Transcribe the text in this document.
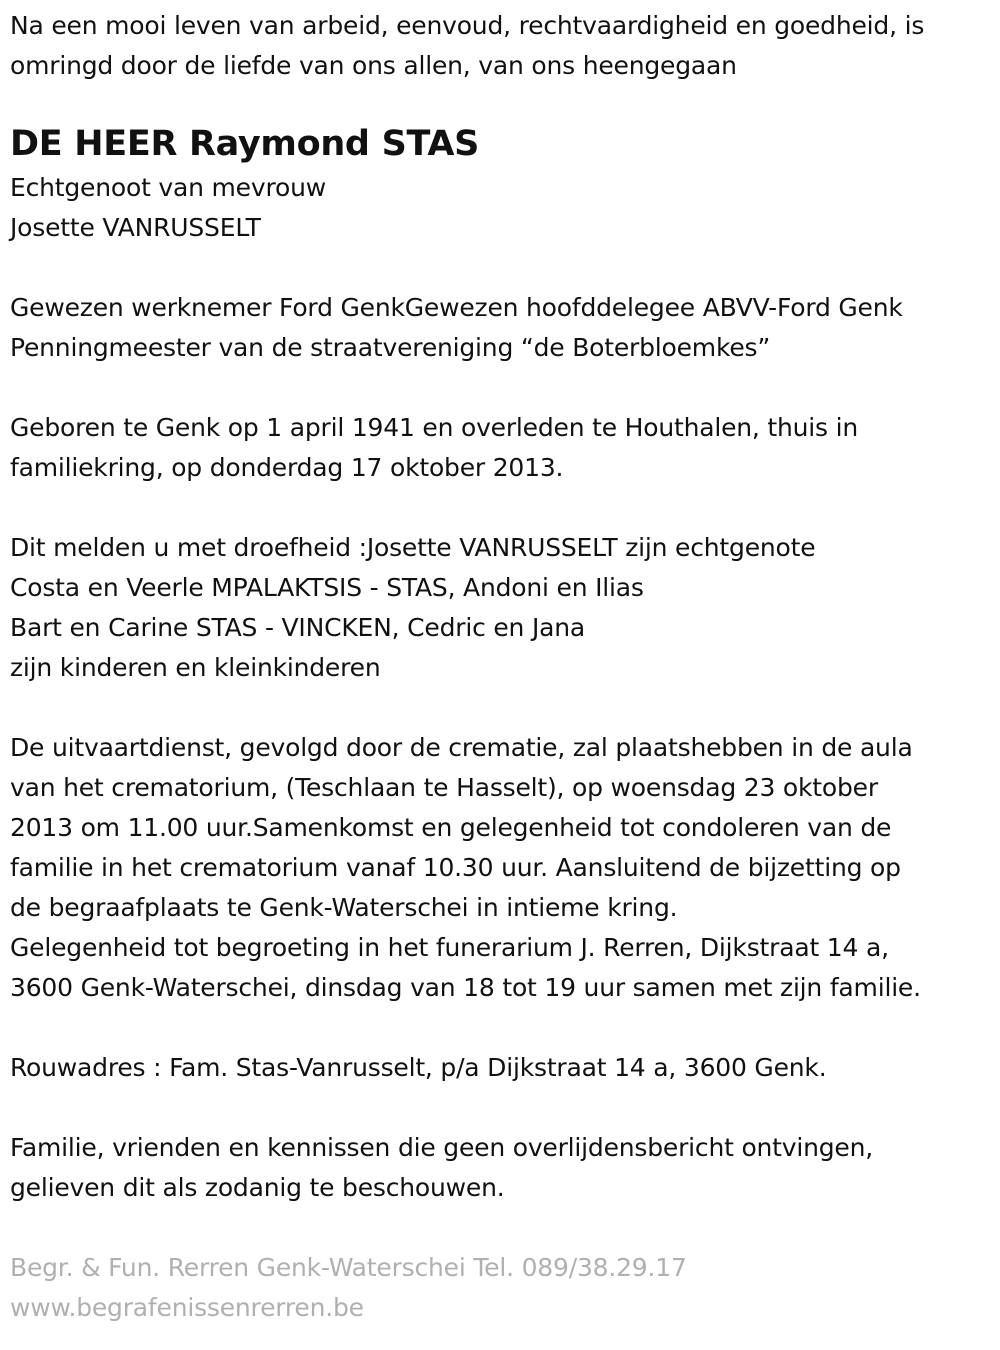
Na een mooi leven van arbeid, eenvoud, rechtvaardigheid en goedheid, is
omringd door de liefde van ons allen, van ons heengegaan
DE HEER Raymond STAS
Echtgenoot van mevrouw
Josette VANRUSSELT
Gewezen werknemer Ford GenkGewezen hoofddelegee ABVV-Ford Genk
Penningmeester van de straatvereniging “de Boterbloemkes”
Geboren te Genk op 1 april 1941 en overleden te Houthalen, thuis in
familiekring, op donderdag 17 oktober 2013.
Dit melden u met droefheid :Josette VANRUSSELT zijn echtgenote
Costa en Veerle MPALAKTSIS - STAS, Andoni en Ilias
Bart en Carine STAS - VINCKEN, Cedric en Jana
zijn kinderen en kleinkinderen
De uitvaartdienst, gevolgd door de crematie, zal plaatshebben in de aula
van het crematorium, (Teschlaan te Hasselt), op woensdag 23 oktober
2013 om 11.00 uur.Samenkomst en gelegenheid tot condoleren van de
familie in het crematorium vanaf 10.30 uur. Aansluitend de bijzetting op
de begraafplaats te Genk-Waterschei in intieme kring.
Gelegenheid tot begroeting in het funerarium J. Rerren, Dijkstraat 14 a,
3600 Genk-Waterschei, dinsdag van 18 tot 19 uur samen met zijn familie.
Rouwadres : Fam. Stas-Vanrusselt, p/a Dijkstraat 14 a, 3600 Genk.
Familie, vrienden en kennissen die geen overlijdensbericht ontvingen,
gelieven dit als zodanig te beschouwen.
Begr. & Fun. Rerren Genk-Waterschei Tel. 089/38.29.17
www.begrafenissenrerren.be
